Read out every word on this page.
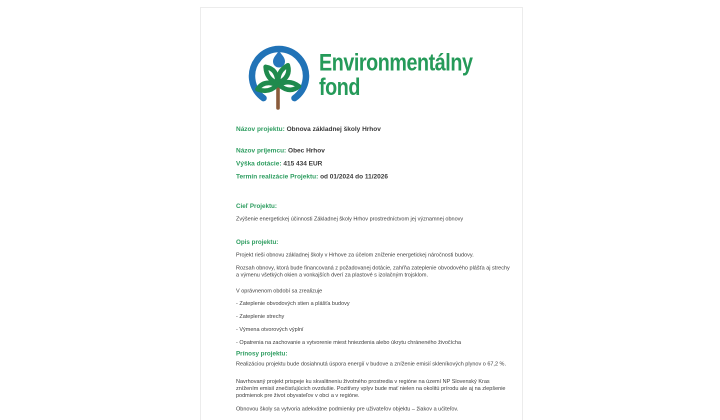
Environmentálny
fond
Názov projektu: Obnova základnej školy Hrhov
Názov príjemcu: Obec Hrhov
Výška dotácie: 415 434 EUR
Termín realizácie Projektu: od 01/2024 do 11/2026
Cieľ Projektu:
Zvýšenie energetickej účinnosti Základnej školy Hrhov prostredníctvom jej významnej obnovy
Opis projektu:
Projekt rieši obnovu základnej školy v Hrhove za účelom zníženie energetickej náročnosti budovy.
Rozsah obnovy, ktorá bude financovaná z požadovanej dotácie, zahŕňa zateplenie obvodového plášťa aj strechy a výmenu všetkých okien a vonkajších dverí za plastové s izolačným trojsklom.
V oprávnenom období sa zrealizuje
- Zateplenie obvodových stien a plášťa budovy
- Zateplenie strechy
- Výmena otvorových výplní
- Opatrenia na zachovanie a vytvorenie miest hniezdenia alebo úkrytu chráneného živočícha
Prínosy projektu:
Realizáciou projektu bude dosiahnutá úspora energií v budove a zníženie emisií skleníkových plynov o 67,2 %.
Navrhovaný projekt prispeje ku skvalitneniu životného prostredia v regióne na území NP Slovenský Kras znížením emisií znečisťujúcich ovzdušie. Pozitívny vplyv bude mať nielen na okolitú prírodu ale aj na zlepšenie podmienok pre život obyvateľov v obci a v regióne.
Obnovou školy sa vytvoria adekvátne podmienky pre uživateľov objektu – žiakov a učiteľov.
